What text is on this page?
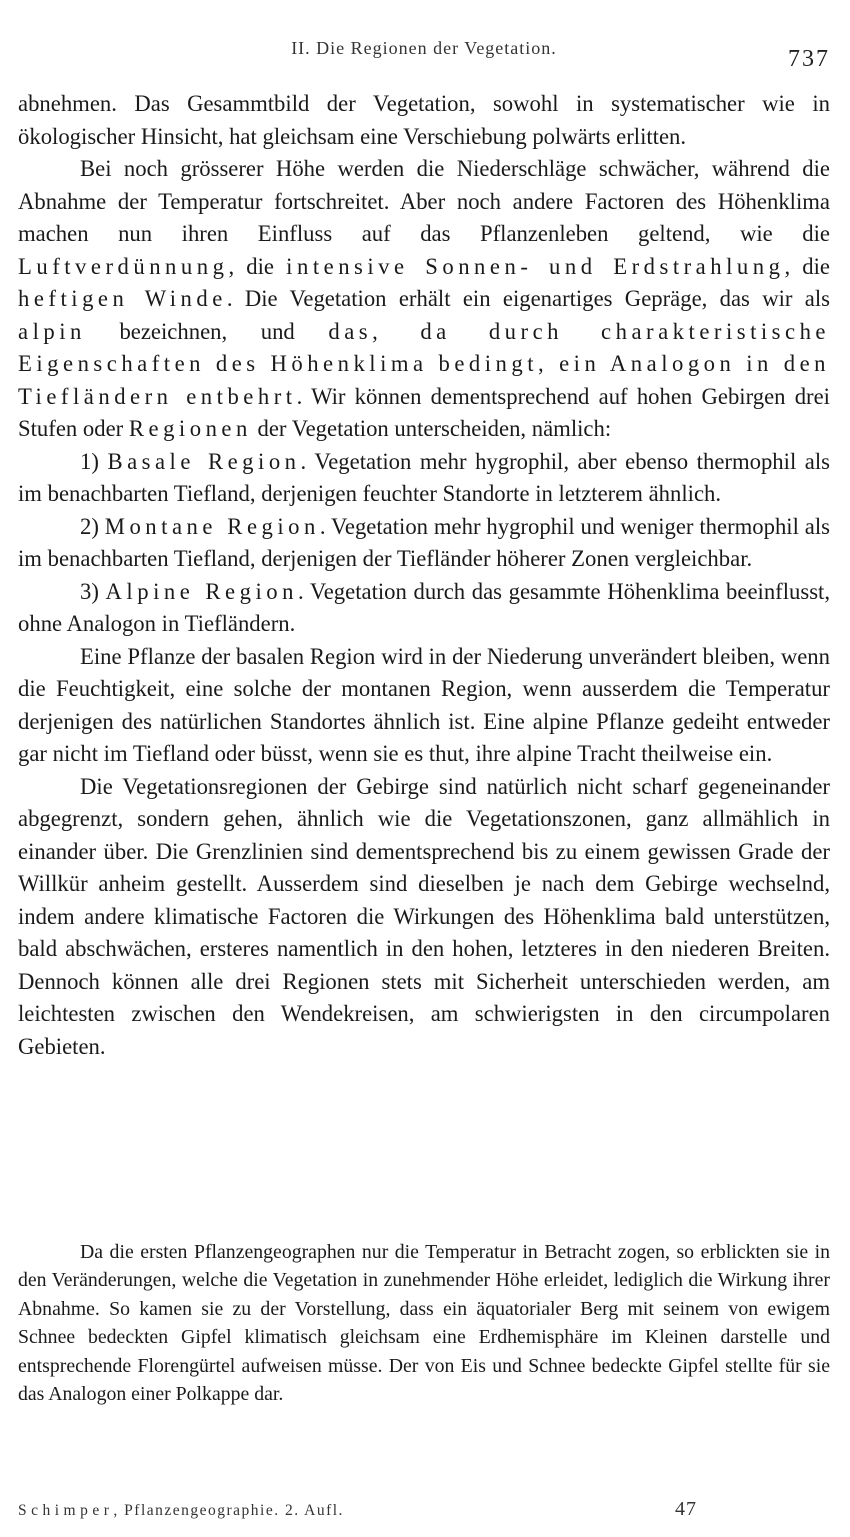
II. Die Regionen der Vegetation.	737

abnehmen. Das Gesammtbild der Vegetation, sowohl in systematischer wie in ökologischer Hinsicht, hat gleichsam eine Verschiebung polwärts erlitten.

Bei noch grösserer Höhe werden die Niederschläge schwächer, während die Abnahme der Temperatur fortschreitet. Aber noch andere Factoren des Höhenklima machen nun ihren Einfluss auf das Pflanzenleben geltend, wie die Luftverdünnung, die intensive Sonnen- und Erdstrahlung, die heftigen Winde. Die Vegetation erhält ein eigenartiges Gepräge, das wir als alpin bezeichnen, und das, da durch charakteristische Eigenschaften des Höhenklima bedingt, ein Analogon in den Tiefländern entbehrt. Wir können dementsprechend auf hohen Gebirgen drei Stufen oder Regionen der Vegetation unterscheiden, nämlich:

1) Basale Region. Vegetation mehr hygrophil, aber ebenso thermophil als im benachbarten Tiefland, derjenigen feuchter Standorte in letzterem ähnlich.

2) Montane Region. Vegetation mehr hygrophil und weniger thermophil als im benachbarten Tiefland, derjenigen der Tiefländer höherer Zonen vergleichbar.

3) Alpine Region. Vegetation durch das gesammte Höhenklima beeinflusst, ohne Analogon in Tiefländern.

Eine Pflanze der basalen Region wird in der Niederung unverändert bleiben, wenn die Feuchtigkeit, eine solche der montanen Region, wenn ausserdem die Temperatur derjenigen des natürlichen Standortes ähnlich ist. Eine alpine Pflanze gedeiht entweder gar nicht im Tiefland oder büsst, wenn sie es thut, ihre alpine Tracht theilweise ein.

Die Vegetationsregionen der Gebirge sind natürlich nicht scharf gegeneinander abgegrenzt, sondern gehen, ähnlich wie die Vegetationszonen, ganz allmählich in einander über. Die Grenzlinien sind dementsprechend bis zu einem gewissen Grade der Willkür anheim gestellt. Ausserdem sind dieselben je nach dem Gebirge wechselnd, indem andere klimatische Factoren die Wirkungen des Höhenklima bald unterstützen, bald abschwächen, ersteres namentlich in den hohen, letzteres in den niederen Breiten. Dennoch können alle drei Regionen stets mit Sicherheit unterschieden werden, am leichtesten zwischen den Wendekreisen, am schwierigsten in den circumpolaren Gebieten.

Da die ersten Pflanzengeographen nur die Temperatur in Betracht zogen, so erblickten sie in den Veränderungen, welche die Vegetation in zunehmender Höhe erleidet, lediglich die Wirkung ihrer Abnahme. So kamen sie zu der Vorstellung, dass ein äquatorialer Berg mit seinem von ewigem Schnee bedeckten Gipfel klimatisch gleichsam eine Erdhemisphäre im Kleinen darstelle und entsprechende Florengürtel aufweisen müsse. Der von Eis und Schnee bedeckte Gipfel stellte für sie das Analogon einer Polkappe dar.

Schimper, Pflanzengeographie. 2. Aufl.	47
